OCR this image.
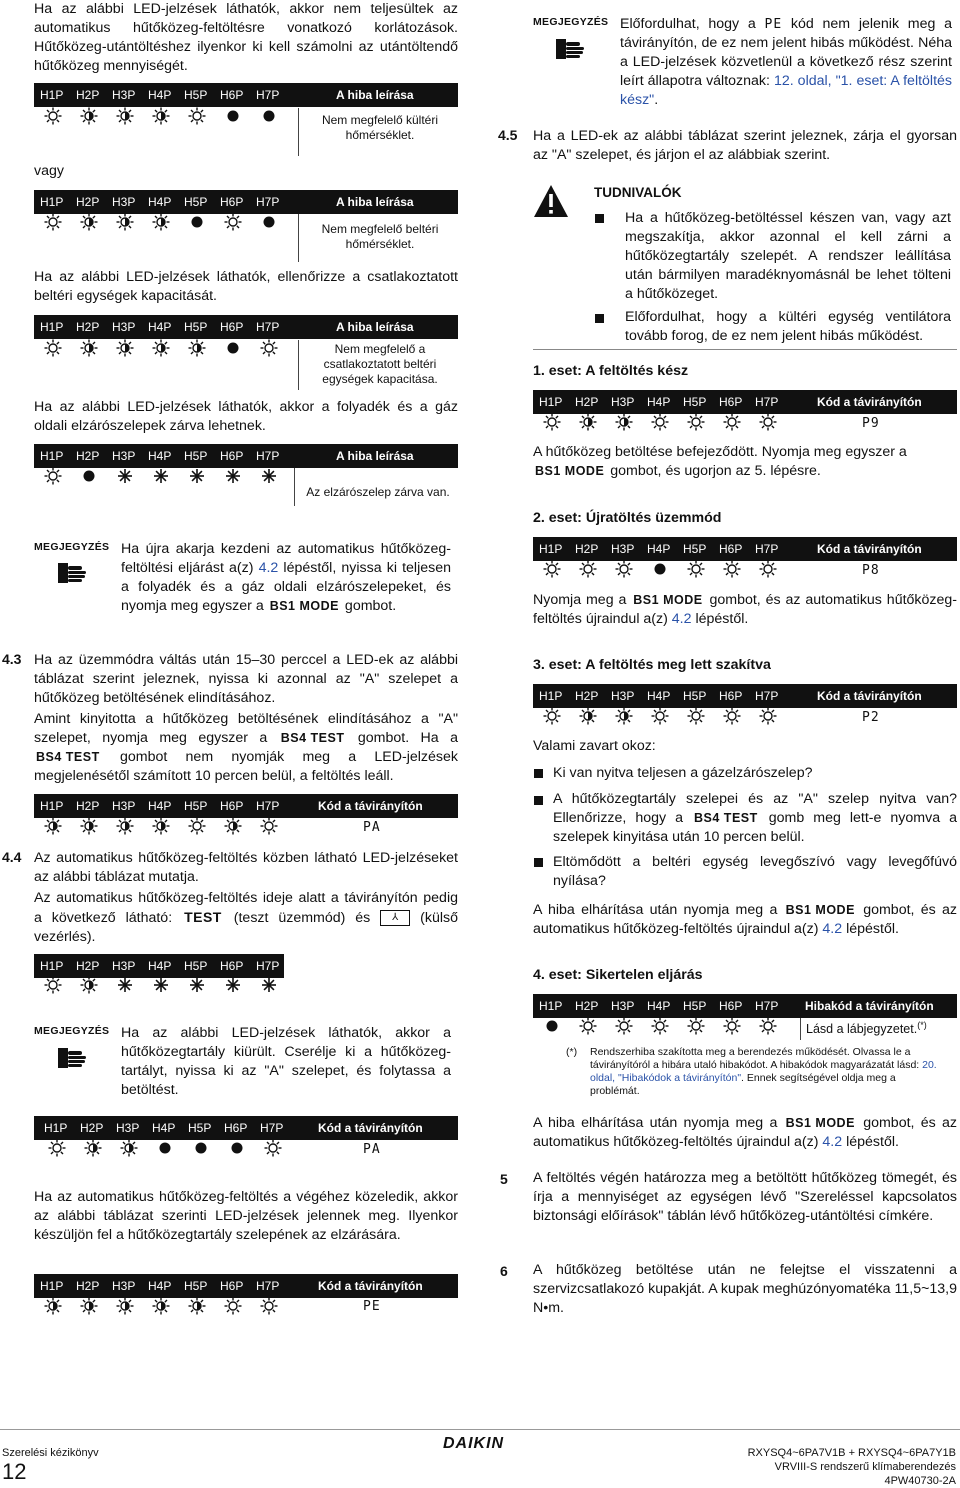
Ha az alábbi LED-jelzések láthatók, akkor nem teljesültek az automatikus hűtőközeg-feltöltésre vonatkozó korlátozások. Hűtőközeg-utántöltéshez ilyenkor ki kell számolni az utántöltendő hűtőközeg mennyiségét.

H1P H2P H3P H4P H5P H6P H7P	A hiba leírása

Nem megfelelő kültéri hőmérséklet.

vagy

H1P H2P H3P H4P H5P H6P H7P	A hiba leírása

Nem megfelelő beltéri hőmérséklet.

Ha az alábbi LED-jelzések láthatók, ellenőrizze a csatlakoztatott beltéri egységek kapacitását.

H1P H2P H3P H4P H5P H6P H7P	A hiba leírása

Nem megfelelő a csatlakoztatott beltéri egységek kapacitása.

Ha az alábbi LED-jelzések láthatók, akkor a folyadék és a gáz oldali elzárószelepek zárva lehetnek.

H1P H2P H3P H4P H5P H6P H7P	A hiba leírása

Az elzárószelep zárva van.

MEGJEGYZÉS Ha újra akarja kezdeni az automatikus hűtőközeg-feltöltési eljárást a(z) 4.2 lépéstől, nyissa ki teljesen a folyadék és a gáz oldali elzárószelepeket, és nyomja meg egyszer a BS1 MODE gombot.

4.3 Ha az üzemmódra váltás után 15–30 perccel a LED-ek az alábbi táblázat szerint jeleznek, nyissa ki azonnal az "A" szelepet a hűtőközeg betöltésének elindításához.

Amint kinyitotta a hűtőközeg betöltésének elindításához a "A" szelepet, nyomja meg egyszer a BS4 TEST gombot. Ha a BS4 TEST gombot nem nyomják meg a LED-jelzések megjelenésétől számított 10 percen belül, a feltöltés leáll.

H1P H2P H3P H4P H5P H6P H7P	Kód a távirányítón
PA
4.4 Az automatikus hűtőközeg-feltöltés közben látható LED-jelzéseket az alábbi táblázat mutatja.

Az automatikus hűtőközeg-feltöltés ideje alatt a távirányítón pedig a következő látható: TEST (teszt üzemmód) és ⅄ (külső vezérlés).

H1P H2P H3P H4P H5P H6P H7P
MEGJEGYZÉS Ha az alábbi LED-jelzések láthatók, akkor a hűtőközegtartály kiürült. Cserélje ki a hűtőközeg-tartályt, nyissa ki az "A" szelepet, és folytassa a betöltést.

H1P H2P H3P H4P H5P H6P H7P	Kód a távirányítón
PA

Ha az automatikus hűtőközeg-feltöltés a végéhez közeledik, akkor az alábbi táblázat szerinti LED-jelzések jelennek meg. Ilyenkor készüljön fel a hűtőközegtartály szelepének az elzárására.

H1P H2P H3P H4P H5P H6P H7P	Kód a távirányítón
PE
MEGJEGYZÉS Előfordulhat, hogy a PE kód nem jelenik meg a távirányítón, de ez nem jelent hibás működést. Néha a LED-jelzések közvetlenül a következő rész szerint leírt állapotra változnak: 12. oldal, "1. eset: A feltöltés kész".

4.5 Ha a LED-ek az alábbi táblázat szerint jeleznek, zárja el gyorsan az "A" szelepet, és járjon el az alábbiak szerint.

TUDNIVALÓK

Ha a hűtőközeg-betöltéssel készen van, vagy azt megszakítja, akkor azonnal el kell zárni a hűtőközegtartály szelepét. A rendszer leállítása után bármilyen maradéknyomásnál be lehet tölteni a hűtőközeget.

Előfordulhat, hogy a kültéri egység ventilátora tovább forog, de ez nem jelent hibás működést.

1. eset: A feltöltés kész
H1P H2P H3P H4P H5P H6P H7P	Kód a távirányítón
P9

A hűtőközeg betöltése befejeződött. Nyomja meg egyszer a
BS1 MODE gombot, és ugorjon az 5. lépésre.

2. eset: Újratöltés üzemmód
H1P H2P H3P H4P H5P H6P H7P	Kód a távirányítón
P8

Nyomja meg a BS1 MODE gombot, és az automatikus hűtőközeg-feltöltés újraindul a(z) 4.2 lépéstől.

3. eset: A feltöltés meg lett szakítva
H1P H2P H3P H4P H5P H6P H7P	Kód a távirányítón
P2

Valami zavart okoz:

Ki van nyitva teljesen a gázelzárószelep?

A hűtőközegtartály szelepei és az "A" szelep nyitva van? Ellenőrizze, hogy a BS4 TEST gomb meg lett-e nyomva a szelepek kinyitása után 10 percen belül.

Eltömődött a beltéri egység levegőszívó vagy levegőfúvó nyílása?

A hiba elhárítása után nyomja meg a BS1 MODE gombot, és az automatikus hűtőközeg-feltöltés újraindul a(z) 4.2 lépéstől.

4. eset: Sikertelen eljárás
H1P H2P H3P H4P H5P H6P H7P Hibakód a távirányítón
Lásd a lábjegyzetet.(*)
(*) Rendszerhiba szakította meg a berendezés működését. Olvassa le a távirányítóról a hibára utaló hibakódot. A hibakódok magyarázatát lásd: 20. oldal, "Hibakódok a távirányítón". Ennek segítségével oldja meg a problémát.

A hiba elhárítása után nyomja meg a BS1 MODE gombot, és az automatikus hűtőközeg-feltöltés újraindul a(z) 4.2 lépéstől.

5 A feltöltés végén határozza meg a betöltött hűtőközeg tömegét, és írja a mennyiséget az egységen lévő "Szereléssel kapcsolatos biztonsági előírások" táblán lévő hűtőközeg-utántöltési címkére.

6 A hűtőközeg betöltése után ne felejtse el visszatenni a szervizcsatlakozó kupakját. A kupak meghúzónyomatéka 11,5~13,9 N•m.

Szerelési kézikönyv
12
DAIKIN
RXYSQ4~6PA7V1B + RXYSQ4~6PA7Y1B
VRVIII-S rendszerű klímaberendezés
4PW40730-2A
